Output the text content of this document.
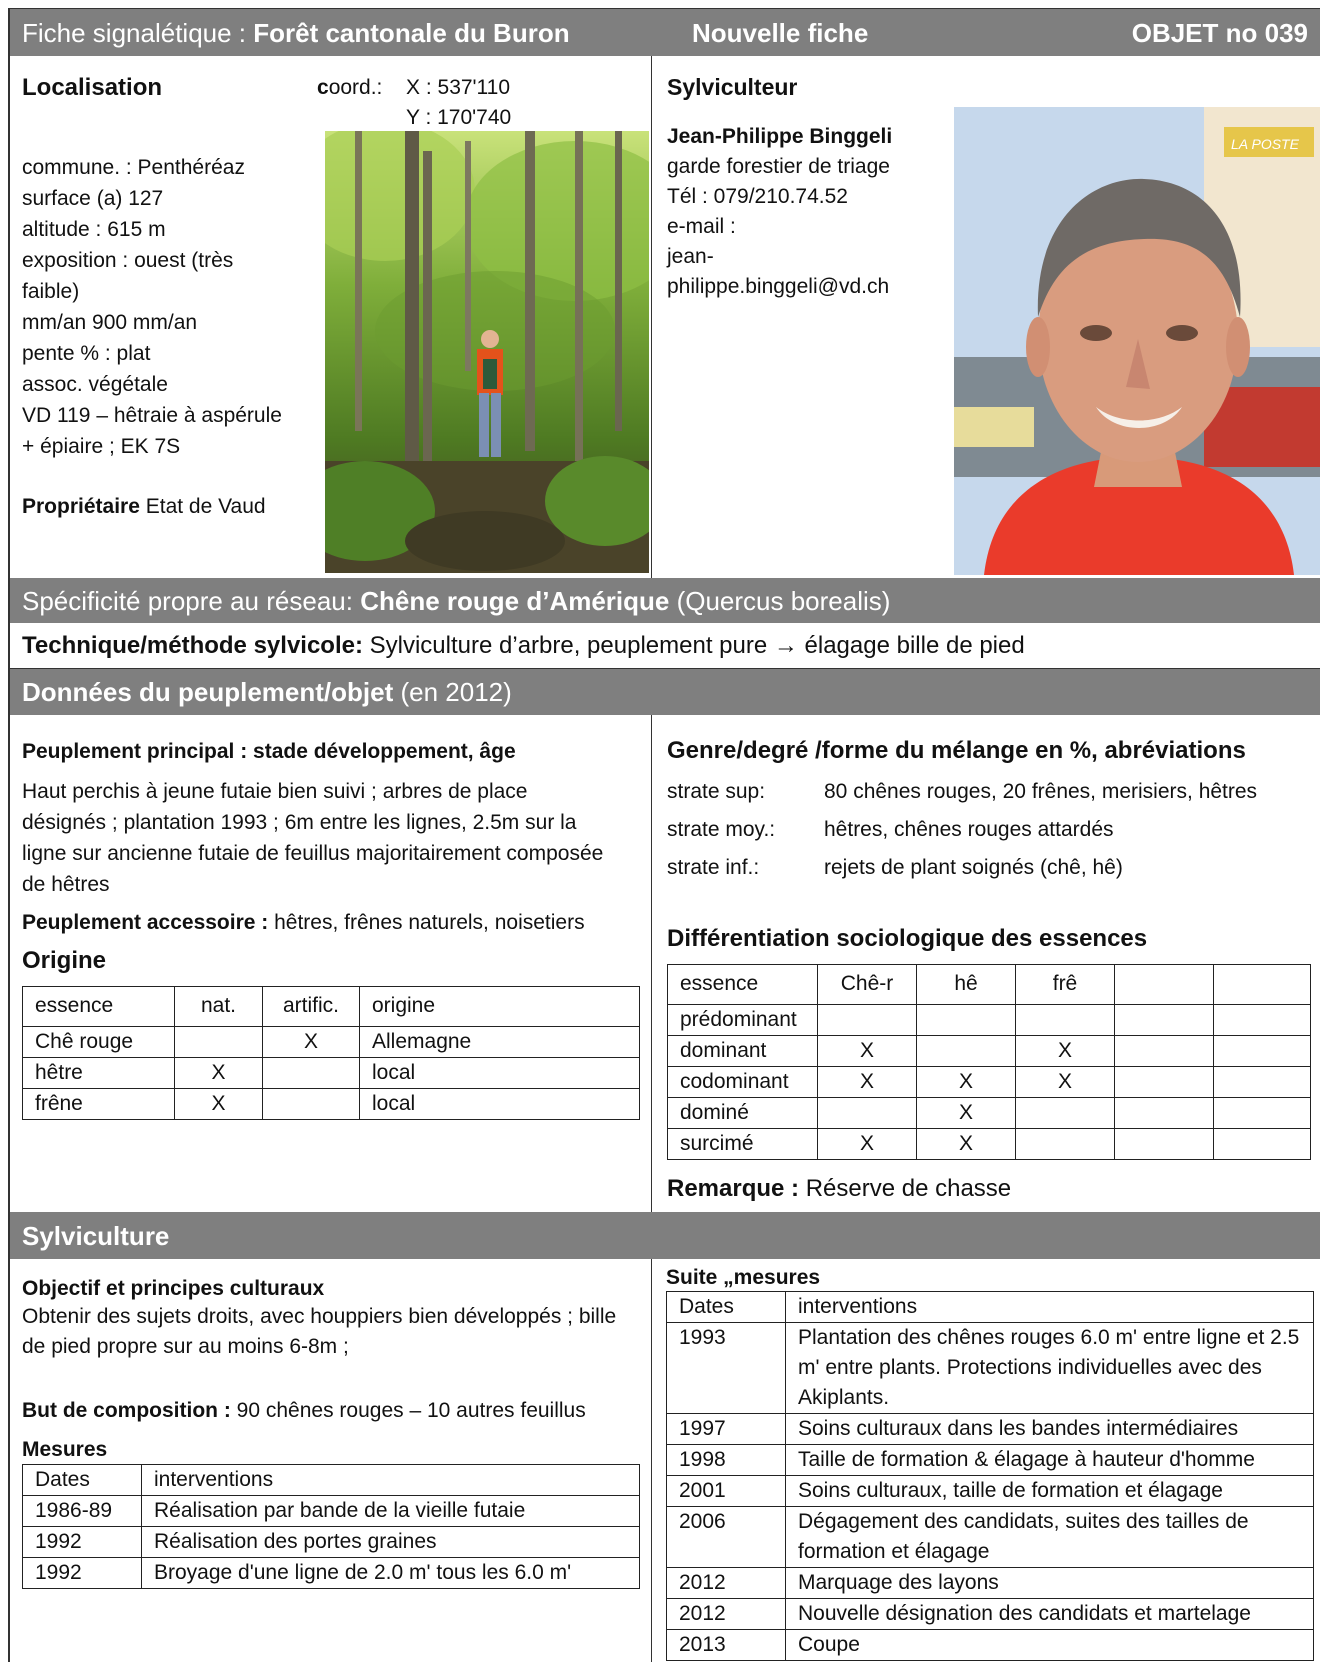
Fiche signalétique : Forêt cantonale du Buron	Nouvelle fiche	OBJET no 039
Localisation	coord.: X : 537'110
Y : 170'740
commune. : Penthéréaz
surface (a) 127
altitude : 615 m
exposition : ouest (très
faible)
mm/an 900 mm/an
pente % : plat
assoc. végétale
VD 119 – hêtraie à aspérule
+ épiaire ; EK 7S
Propriétaire Etat de Vaud
Sylviculteur
Jean-Philippe Binggeli
garde forestier de triage
Tél : 079/210.74.52
e-mail :
jean-
philippe.binggeli@vd.ch
LA POSTE
Spécificité propre au réseau: Chêne rouge d’Amérique (Quercus borealis)
Technique/méthode sylvicole: Sylviculture d’arbre, peuplement pure → élagage bille de pied
Données du peuplement/objet (en 2012)
Peuplement principal : stade développement, âge
Haut perchis à jeune futaie bien suivi ; arbres de place
désignés ; plantation 1993 ; 6m entre les lignes, 2.5m sur la
ligne sur ancienne futaie de feuillus majoritairement composée
de hêtres
Peuplement accessoire : hêtres, frênes naturels, noisetiers
Origine
essence	nat.	artific.	origine
Chê rouge		X	Allemagne
hêtre	X		local
frêne	X		local
Genre/degré /forme du mélange en %, abréviations
strate sup:	80 chênes rouges, 20 frênes, merisiers, hêtres
strate moy.: hêtres, chênes rouges attardés
strate inf.:	rejets de plant soignés (chê, hê)
Différentiation sociologique des essences
essence	Chê-r	hê	frê		
prédominant					
dominant	X		X		
codominant	X	X	X		
dominé		X			
surcimé	X	X			
Remarque : Réserve de chasse
Sylviculture
Objectif et principes culturaux
Obtenir des sujets droits, avec houppiers bien développés ; bille
de pied propre sur au moins 6-8m ;
But de composition : 90 chênes rouges – 10 autres feuillus
Mesures
Dates	interventions
1986-89	Réalisation par bande de la vieille futaie
1992	Réalisation des portes graines
1992	Broyage d'une ligne de 2.0 m' tous les 6.0 m'
Suite „mesures
Dates	interventions
1993	Plantation des chênes rouges 6.0 m' entre ligne et 2.5 m' entre plants. Protections individuelles avec des Akiplants.
1997	Soins culturaux dans les bandes intermédiaires
1998	Taille de formation & élagage à hauteur d'homme
2001	Soins culturaux, taille de formation et élagage
2006	Dégagement des candidats, suites des tailles de formation et élagage
2012	Marquage des layons
2012	Nouvelle désignation des candidats et martelage
2013	Coupe
